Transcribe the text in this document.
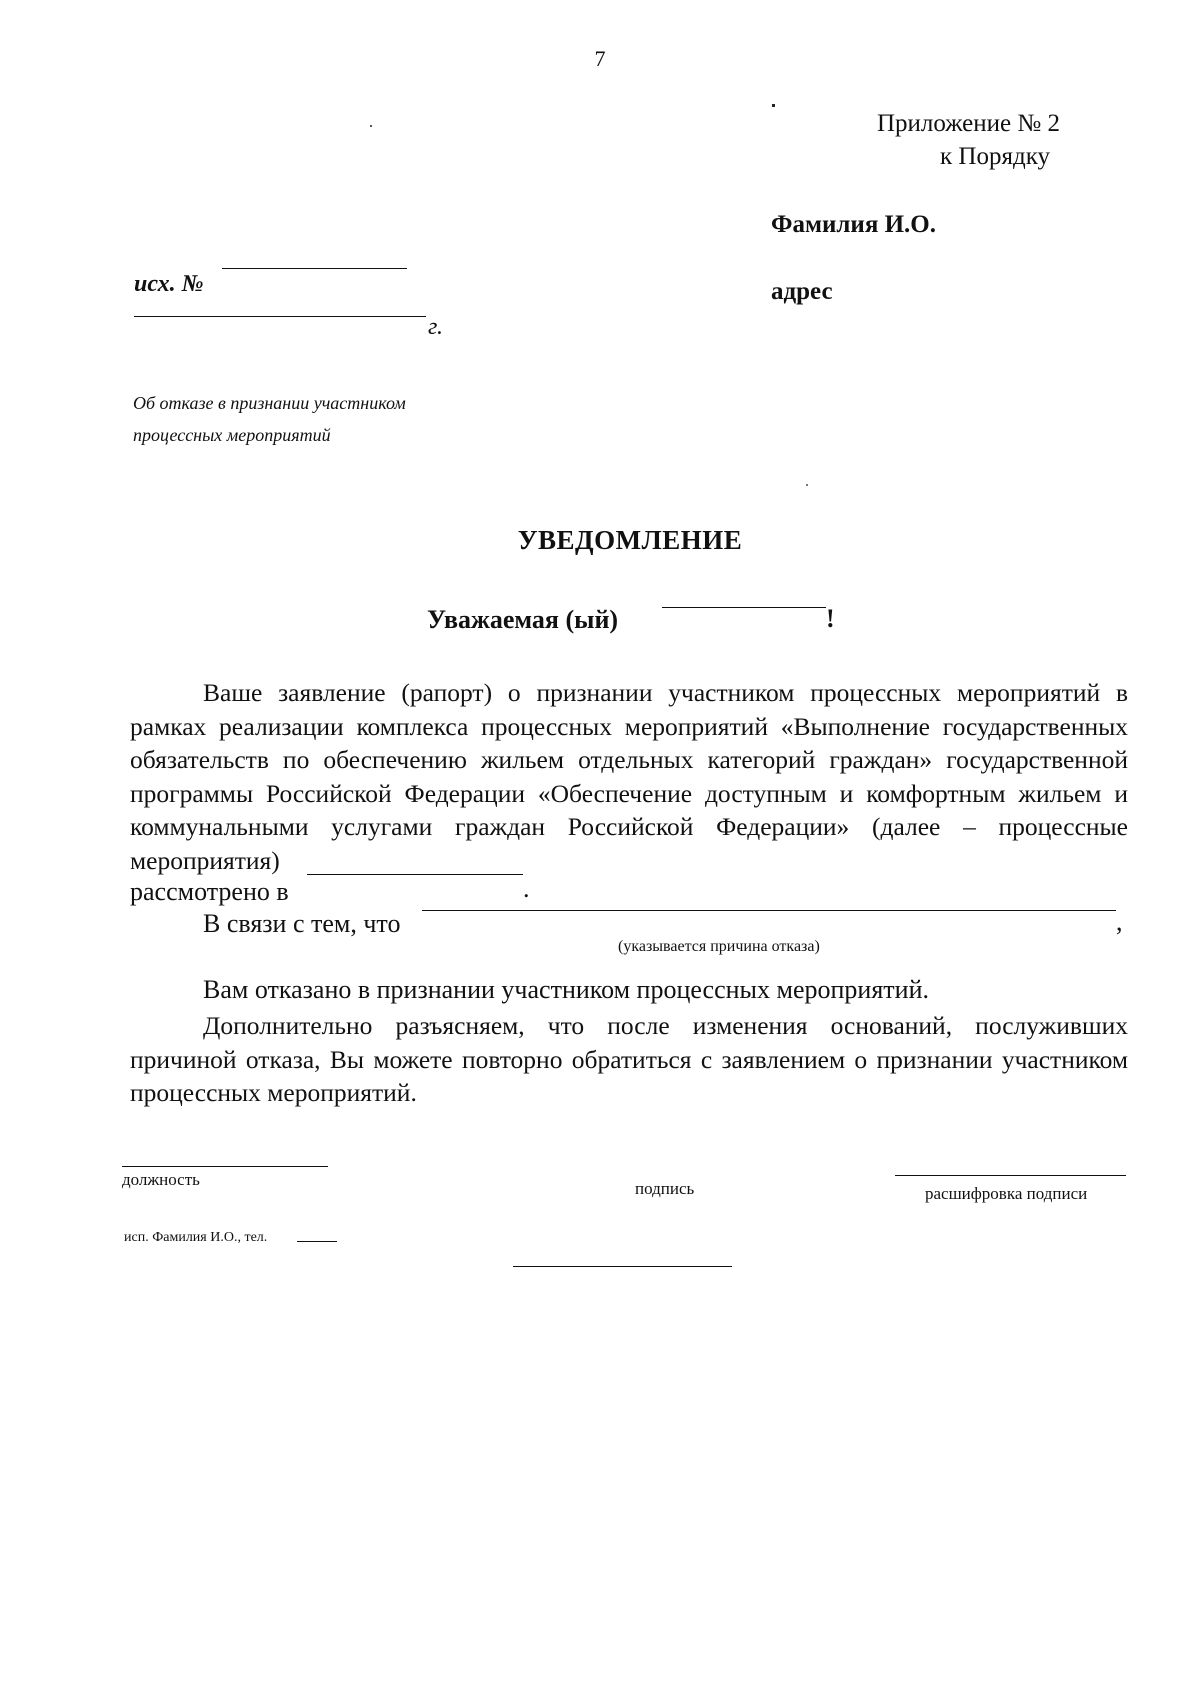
7
Приложение № 2
к Порядку
Фамилия И.О.
адрес
исх. №
г.
Об отказе в признании участником
процессных мероприятий
УВЕДОМЛЕНИЕ
Уважаемая (ый)	!
Ваше заявление (рапорт) о признании участником процессных мероприятий в рамках реализации комплекса процессных мероприятий «Выполнение государственных обязательств по обеспечению жильем отдельных категорий граждан» государственной программы Российской Федерации «Обеспечение доступным и комфортным жильем и коммунальными услугами граждан Российской Федерации» (далее – процессные мероприятия)
рассмотрено в	.
В связи с тем, что	,
(указывается причина отказа)
Вам отказано в признании участником процессных мероприятий.
Дополнительно разъясняем, что после изменения оснований, послуживших причиной отказа, Вы можете повторно обратиться с заявлением о признании участником процессных мероприятий.
должность	подпись	расшифровка подписи
исп. Фамилия И.О., тел.
